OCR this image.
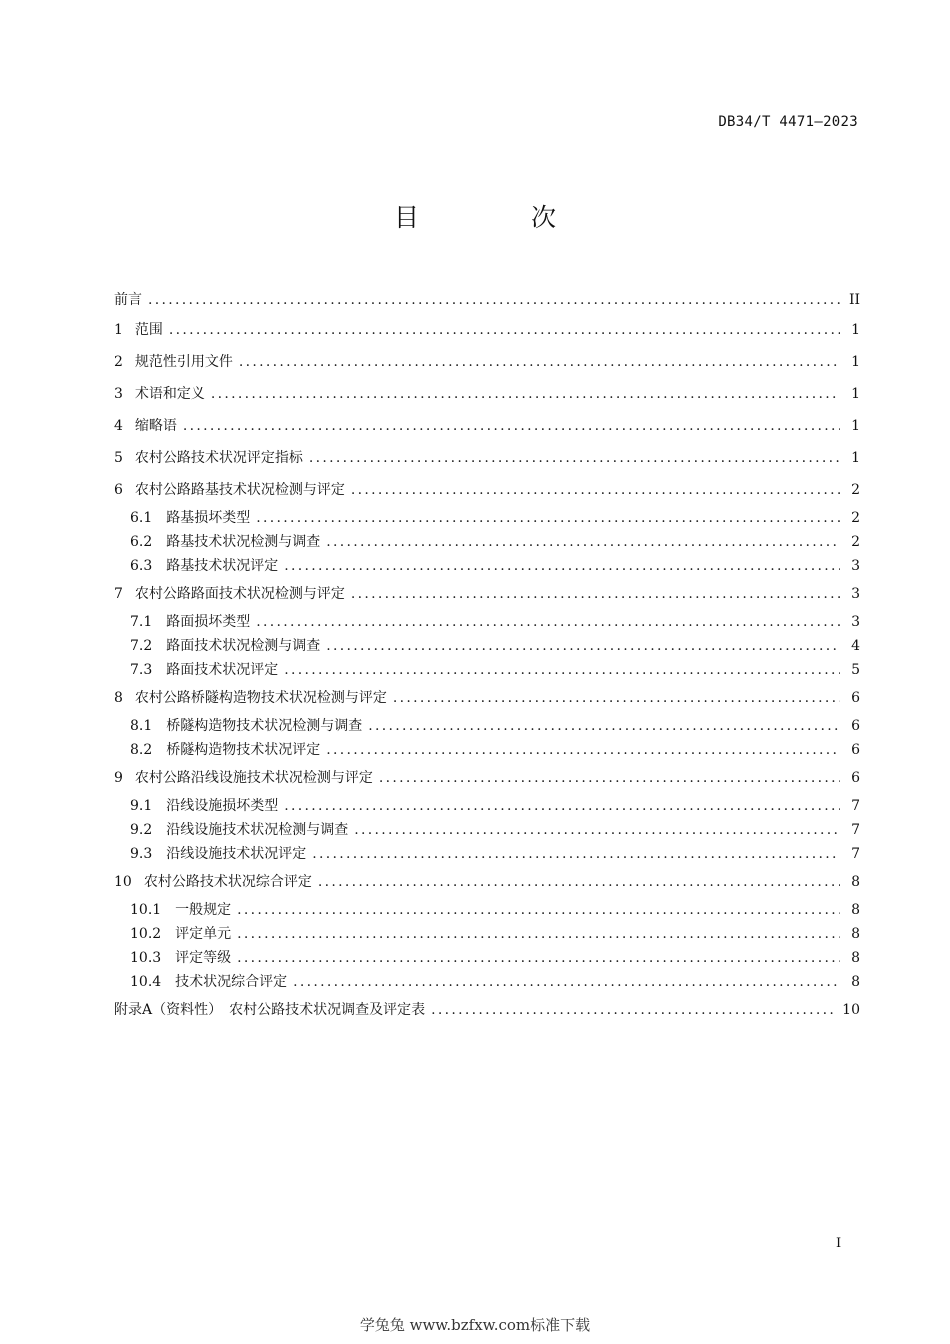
DB34/T 4471—2023
目 次
前言 .....	II
1 范围 .....	1
2 规范性引用文件 .....	1
3 术语和定义 .....	1
4 缩略语 .....	1
5 农村公路技术状况评定指标 .....	1
6 农村公路路基技术状况检测与评定 .....	2
6.1 路基损坏类型 .....	2
6.2 路基技术状况检测与调查 .....	2
6.3 路基技术状况评定 .....	3
7 农村公路路面技术状况检测与评定 .....	3
7.1 路面损坏类型 .....	3
7.2 路面技术状况检测与调查 .....	4
7.3 路面技术状况评定 .....	5
8 农村公路桥隧构造物技术状况检测与评定 .....	6
8.1 桥隧构造物技术状况检测与调查 .....	6
8.2 桥隧构造物技术状况评定 .....	6
9 农村公路沿线设施技术状况检测与评定 .....	6
9.1 沿线设施损坏类型 .....	7
9.2 沿线设施技术状况检测与调查 .....	7
9.3 沿线设施技术状况评定 .....	7
10 农村公路技术状况综合评定 .....	8
10.1 一般规定 .....	8
10.2 评定单元 .....	8
10.3 评定等级 .....	8
10.4 技术状况综合评定 .....	8
附录A（资料性）　农村公路技术状况调查及评定表 .....	10
I
学兔兔 www.bzfxw.com标准下载
